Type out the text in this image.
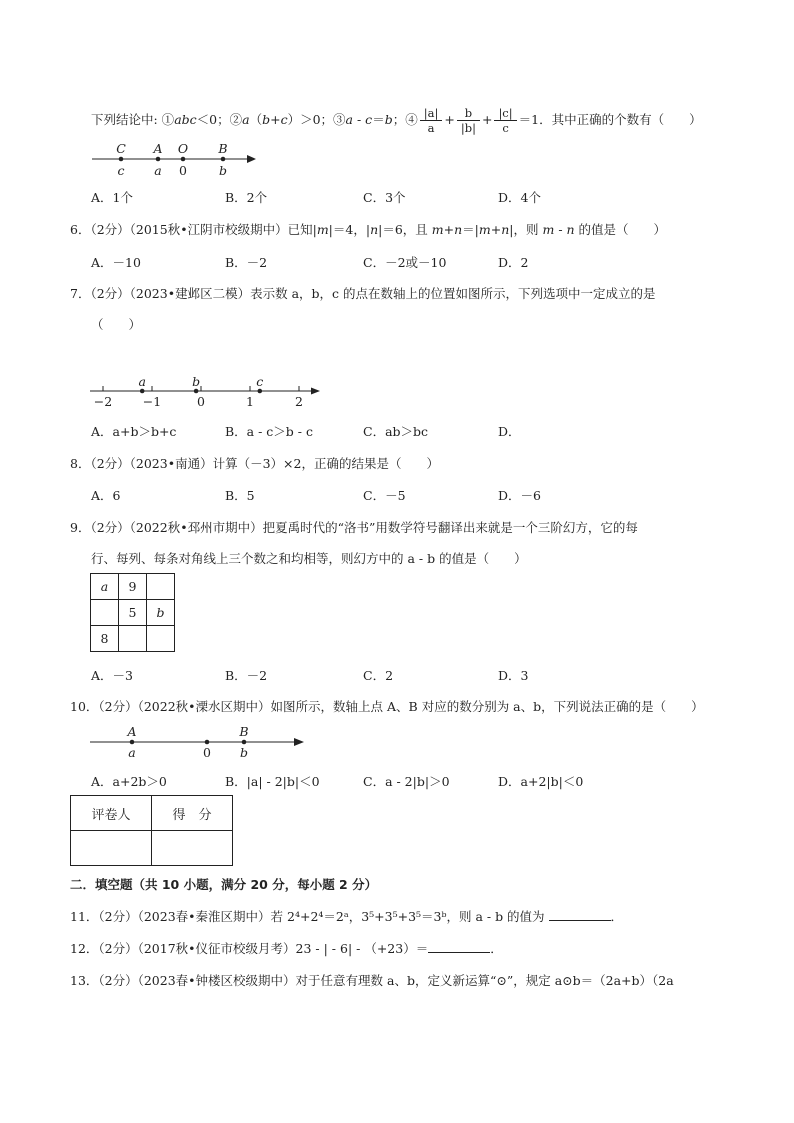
下列结论中: ①abc＜0；②a（b+c）＞0；③a - c＝b；④ $\frac{|a|}{a} + \frac{b}{|b|} + \frac{|c|}{c} =1$．其中正确的个数有（　　）
C A O B
c a 0	b
A．1个	B．2个	C．3个	D．4个
6．（2分）（2015秋•江阴市校级期中）已知|m|＝4，|n|＝6，且 m+n＝|m+n|，则 m - n 的值是（　　）
A．－10	B．－2	C．－2或－10	D．2
7．（2分）（2023•建邺区二模）表示数 a，b，c 的点在数轴上的位置如图所示，下列选项中一定成立的是
（　　）
−2 −1	0	1	2
a	b	c
A．a+b＞b+c	B．a - c＞b - c	C．ab＞bc	D．
8．（2分）（2023•南通）计算（－3）×2，正确的结果是（　　）
A．6	B．5	C．－5	D．－6
9．（2分）（2022秋•邳州市期中）把夏禹时代的“洛书”用数学符号翻译出来就是一个三阶幻方，它的每
行、每列、每条对角线上三个数之和均相等，则幻方中的 a - b 的值是（　　）
a	9	
	5	b
8		
A．－3	B．－2	C．2	D．3
10．（2分）（2022秋•溧水区期中）如图所示，数轴上点 A、B 对应的数分别为 a、b，下列说法正确的是（　　）
A	B
a	0 b
A．a+2b＞0	B．|a| - 2|b|＜0	C．a - 2|b|＞0	D．a+2|b|＜0
评卷人	得　分

二．填空题（共 10 小题，满分 20 分，每小题 2 分）
11．（2分）（2023春•秦淮区期中）若 2⁴+2⁴＝2ᵃ，3⁵+3⁵+3⁵＝3ᵇ，则 a - b 的值为	．
12．（2分）（2017秋•仪征市校级月考）23 - | - 6| - （+23）＝	．
13．（2分）（2023春•钟楼区校级期中）对于任意有理数 a、b，定义新运算“⊙”，规定 a⊙b＝（2a+b）（2a
